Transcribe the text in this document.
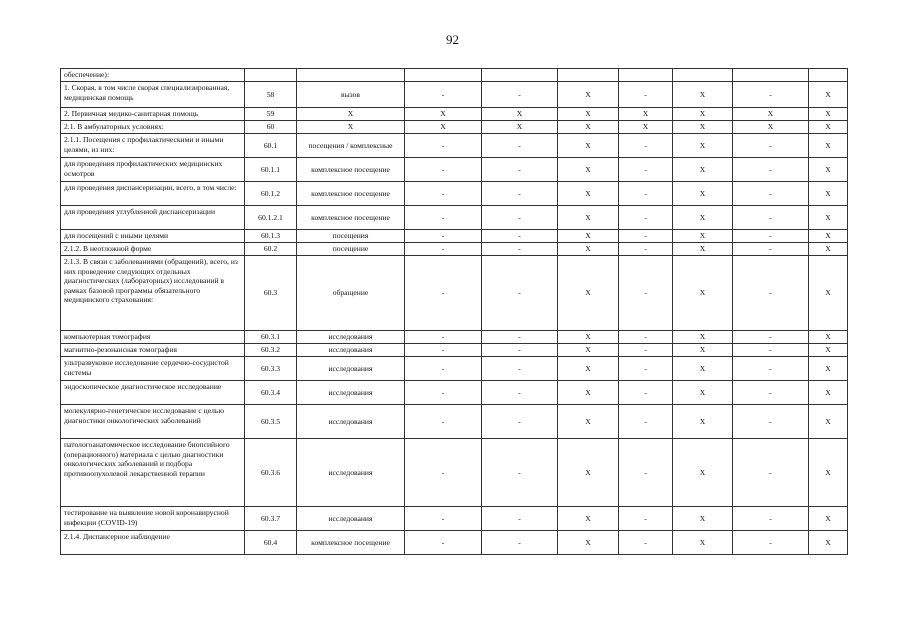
92
обеспечение):									
1. Скорая, в том числе скорая специализированная, медицинская помощь	58	вызов	-	-	Х	-	Х	-	Х
2. Первичная медико-санитарная помощь	59	Х	Х	Х	Х	Х	Х	Х	Х
2.1. В амбулаторных условиях:	60	Х	Х	Х	Х	Х	Х	Х	Х
2.1.1. Посещения с профилактическими и иными целями, из них:	60.1	посещения / комплексные	-	-	Х	-	Х	-	Х
для проведения профилактических медицинских осмотров	60.1.1	комплексное посещение	-	-	Х	-	Х	-	Х
для проведения диспансеризации, всего, в том числе:	60.1.2	комплексное посещение	-	-	Х	-	Х	-	Х
для проведения углубленной диспансеризации	60.1.2.1	комплексное посещение	-	-	Х	-	Х	-	Х
для посещений с иными целями	60.1.3	посещения	-	-	Х	-	Х	-	Х
2.1.2. В неотложной форме	60.2	посещение	-	-	Х	-	Х	-	Х
2.1.3. В связи с заболеваниями (обращений), всего, из них проведение следующих отдельных диагностических (лабораторных) исследований в рамках базовой программы обязательного медицинского страхования:	60.3	обращение	-	-	Х	-	Х	-	Х
компьютерная томография	60.3.1	исследования	-	-	Х	-	Х	-	Х
магнитно-резонансная томография	60.3.2	исследования	-	-	Х	-	Х	-	Х
ультразвуковое исследование сердечно-сосудистой системы	60.3.3	исследования	-	-	Х	-	Х	-	Х
эндоскопическое диагностическое исследование	60.3.4	исследования	-	-	Х	-	Х	-	Х
молекулярно-генетическое исследование с целью диагностики онкологических заболеваний	60.3.5	исследования	-	-	Х	-	Х	-	Х
патологоанатомическое исследование биопсийного (операционного) материала с целью диагностики онкологических заболеваний и подбора противоопухолевой лекарственной терапии	60.3.6	исследования	-	-	Х	-	Х	-	Х
тестирование на выявление новой коронавирусной инфекции (COVID-19)	60.3.7	исследования	-	-	Х	-	Х	-	Х
2.1.4. Диспансерное наблюдение	60.4	комплексное посещение	-	-	Х	-	Х	-	Х
